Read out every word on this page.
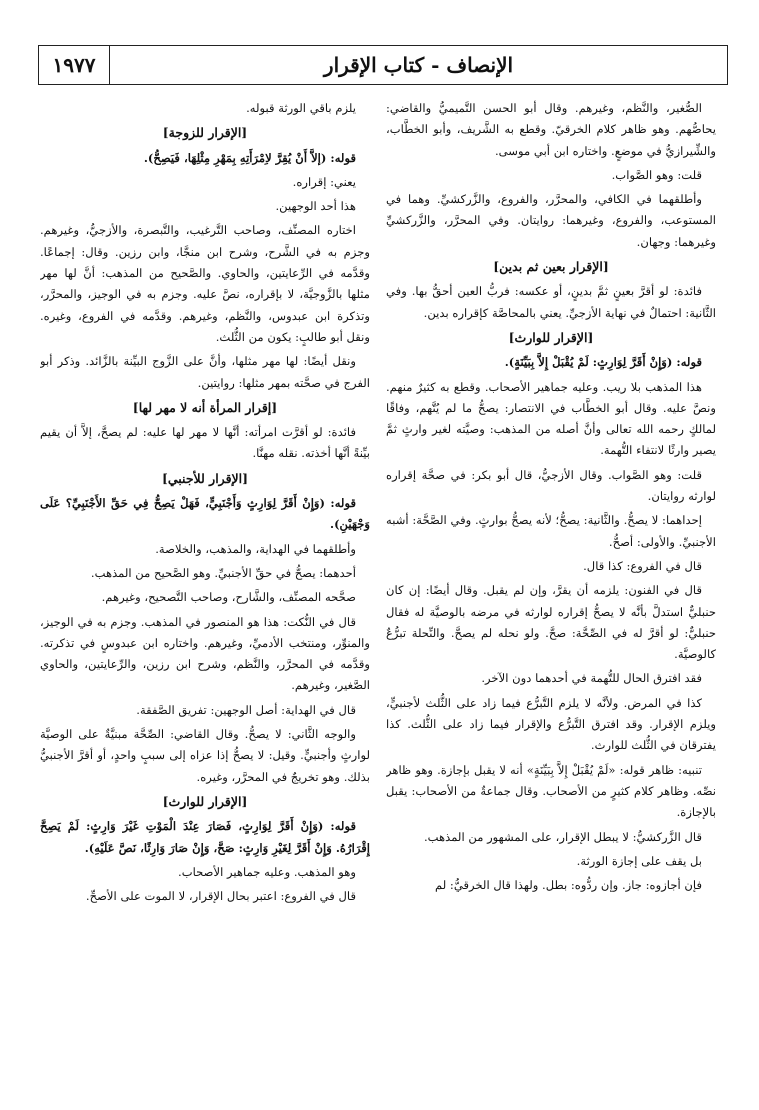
الإنصاف - كتاب الإقرار
١٩٧٧

الصُّغير، والنَّظم، وغيرهم. وقال أبو الحسن التَّميميُّ والقاضي: يحاصُّهم. وهو ظاهر كلام الخرقيّ. وقطع به الشَّريف، وأبو الخطَّاب، والشِّيرازيُّ في موضعٍ. واختاره ابن أبي موسى.

قلت: وهو الصَّواب.

وأطلقهما في الكافي، والمحرَّر، والفروع، والزَّركشيِّ. وهما في المستوعب، والفروع، وغيرهما: روايتان. وفي المحرَّر، والزَّركشيِّ وغيرهما: وجهان.

[الإقرار بعين ثم بدين]

فائدة: لو أقرَّ بعينٍ ثمَّ بدينٍ، أو عكسه: فربُّ العين أحقُّ بها. وفي الثَّانية: احتمالٌ في نهاية الأزجيِّ. يعني بالمحاصَّة كإقراره بدين.

[الإقرار للوارث]

قوله: (وَإِنْ أَقَرَّ لِوَارِثٍ: لَمْ يُقْبَلْ إِلاَّ بِبَيِّنَةٍ).

هذا المذهب بلا ريب. وعليه جماهير الأصحاب. وقطع به كثيرٌ منهم. ونصَّ عليه. وقال أبو الخطَّاب في الانتصار: يصحُّ ما لم يُتَّهم، وفاقًا لمالكٍ رحمه الله تعالى وأنَّ أصله من المذهب: وصيَّته لغير وارثٍ ثمَّ يصير وارثًا لانتفاء التُّهمة.

قلت: وهو الصَّواب. وقال الأزجيُّ، قال أبو بكر: في صحَّة إقراره لوارثه روايتان.

إحداهما: لا يصحُّ. والثَّانية: يصحُّ؛ لأنه يصحُّ بوارثٍ. وفي الصَّحَّة: أشبه الأجنبيِّ. والأولى: أصحُّ.

قال في الفروع: كذا قال.

قال في الفنون: يلزمه أن يقرَّ، وإن لم يقبل. وقال أيضًا: إن كان حنبليٌّ استدلَّ بأنَّه لا يصحُّ إقراره لوارثه في مرضه بالوصيَّة له فقال حنبليٌّ: لو أقرَّ له في الصِّحَّة: صحَّ. ولو نحله لم يصحَّ. والنِّحلة تبرُّعٌ كالوصيَّة.

فقد افترق الحال للتُّهمة في أحدهما دون الآخر.

كذا في المرض. ولأنَّه لا يلزم التَّبرُّع فيما زاد على الثُّلث لأجنبيٍّ، ويلزم الإقرار. وقد افترق التَّبرُّع والإقرار فيما زاد على الثُّلث. كذا يفترقان في الثُّلث للوارث.

تنبيه: ظاهر قوله: «لَمْ يُقْبَلْ إِلاَّ بِبَيِّنَةٍ» أنه لا يقبل بإجازة. وهو ظاهر نصِّه. وظاهر كلام كثيرٍ من الأصحاب. وقال جماعةٌ من الأصحاب: يقبل بالإجازة.

قال الزَّركشيُّ: لا يبطل الإقرار، على المشهور من المذهب.

بل يقف على إجازة الورثة.

فإن أجازوه: جاز. وإن ردُّوه: بطل. ولهذا قال الخرقيُّ: لم

يلزم باقي الورثة قبوله.

[الإقرار للزوجة]

قوله: (إلاَّ أَنْ يُقِرَّ لاِمْرَأَتِهِ بِمَهْرِ مِثْلِهَا، فَيَصِحُّ).

يعني: إقراره.

هذا أحد الوجهين.

اختاره المصنِّف، وصاحب التَّرغيب، والتَّبصرة، والأزجيُّ، وغيرهم. وجزم به في الشَّرح، وشرح ابن منجَّا، وابن رزين. وقال: إجماعًا. وقدَّمه في الرِّعايتين، والحاوي. والصَّحيح من المذهب: أنَّ لها مهر مثلها بالزَّوجيَّة، لا بإقراره، نصَّ عليه. وجزم به في الوجيز، والمحرَّر، وتذكرة ابن عبدوس، والنَّظم، وغيرهم. وقدَّمه في الفروع، وغيره. ونقل أبو طالبٍ: يكون من الثُّلث.

ونقل أيضًا: لها مهر مثلها، وأنَّ على الزَّوج البيِّنة بالزَّائد. وذكر أبو الفرج في صحَّته بمهر مثلها: روايتين.

[إقرار المرأة أنه لا مهر لها]

فائدة: لو أقرَّت امرأته: أنَّها لا مهر لها عليه: لم يصحَّ، إلاَّ أن يقيم بيِّنةً أنَّها أخذته. نقله مهنَّا.

[الإقرار للأجنبي]

قوله: (وَإِنْ أَقَرَّ لِوَارِثٍ وَأَجْنَبِيٍّ، فَهَلْ يَصِحُّ فِي حَقِّ الأَجْنَبِيِّ؟ عَلَى وَجْهَيْنِ).

وأطلقهما في الهداية، والمذهب، والخلاصة.

أحدهما: يصحُّ في حقِّ الأجنبيِّ. وهو الصَّحيح من المذهب.

صحَّحه المصنِّف، والشَّارح، وصاحب التَّصحيح، وغيرهم.

قال في النُّكت: هذا هو المنصور في المذهب. وجزم به في الوجيز، والمنوِّر، ومنتخب الأدميِّ، وغيرهم. واختاره ابن عبدوسٍ في تذكرته. وقدَّمه في المحرَّر، والنَّظم، وشرح ابن رزين، والرِّعايتين، والحاوي الصَّغير، وغيرهم.

قال في الهداية: أصل الوجهين: تفريق الصَّفقة.

والوجه الثَّاني: لا يصحُّ. وقال القاضي: الصِّحَّة مبنيَّةٌ على الوصيَّة لوارثٍ وأجنبيٍّ. وقيل: لا يصحُّ إذا عزاه إلى سببٍ واحدٍ، أو أقرَّ الأجنبيُّ بذلك. وهو تخريجٌ في المحرَّر، وغيره.

[الإقرار للوارث]

قوله: (وَإِنْ أَقَرَّ لِوَارِثٍ، فَصَارَ عِنْدَ الْمَوْتِ غَيْرَ وَارِثٍ: لَمْ يَصِحَّ إِقْرَارُهُ. وَإِنْ أَقَرَّ لِغَيْرِ وَارِثٍ: صَحَّ، وَإِنْ صَارَ وَارِثًا، نَصَّ عَلَيْهِ).

وهو المذهب. وعليه جماهير الأصحاب.

قال في الفروع: اعتبر بحال الإقرار، لا الموت على الأصحِّ.
